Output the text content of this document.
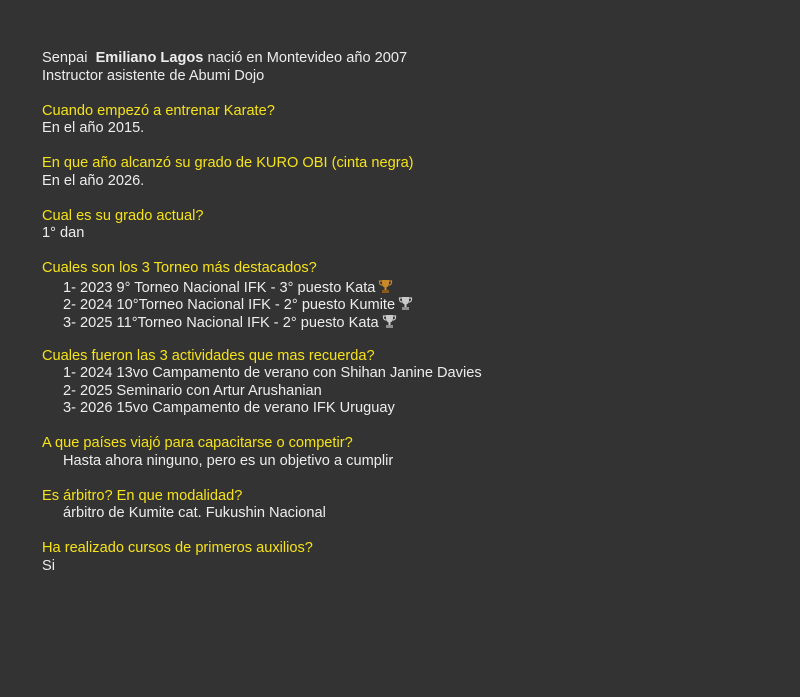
Senpai Emiliano Lagos nació en Montevideo año 2007
Instructor asistente de Abumi Dojo
Cuando empezó a entrenar Karate?
En el año 2015.
En que año alcanzó su grado de KURO OBI (cinta negra)
En el año 2026.
Cual es su grado actual?
1° dan
Cuales son los 3 Torneo más destacados?
1- 2023 9° Torneo Nacional IFK - 3° puesto Kata
2- 2024 10°Torneo Nacional IFK - 2° puesto Kumite
3- 2025 11°Torneo Nacional IFK - 2° puesto Kata
Cuales fueron las 3 actividades que mas recuerda?
1- 2024 13vo Campamento de verano con Shihan Janine Davies
2- 2025 Seminario con Artur Arushanian
3- 2026 15vo Campamento de verano IFK Uruguay
A que países viajó para capacitarse o competir?
Hasta ahora ninguno, pero es un objetivo a cumplir
Es árbitro? En que modalidad?
árbitro de Kumite cat. Fukushin Nacional
Ha realizado cursos de primeros auxilios?
Si
